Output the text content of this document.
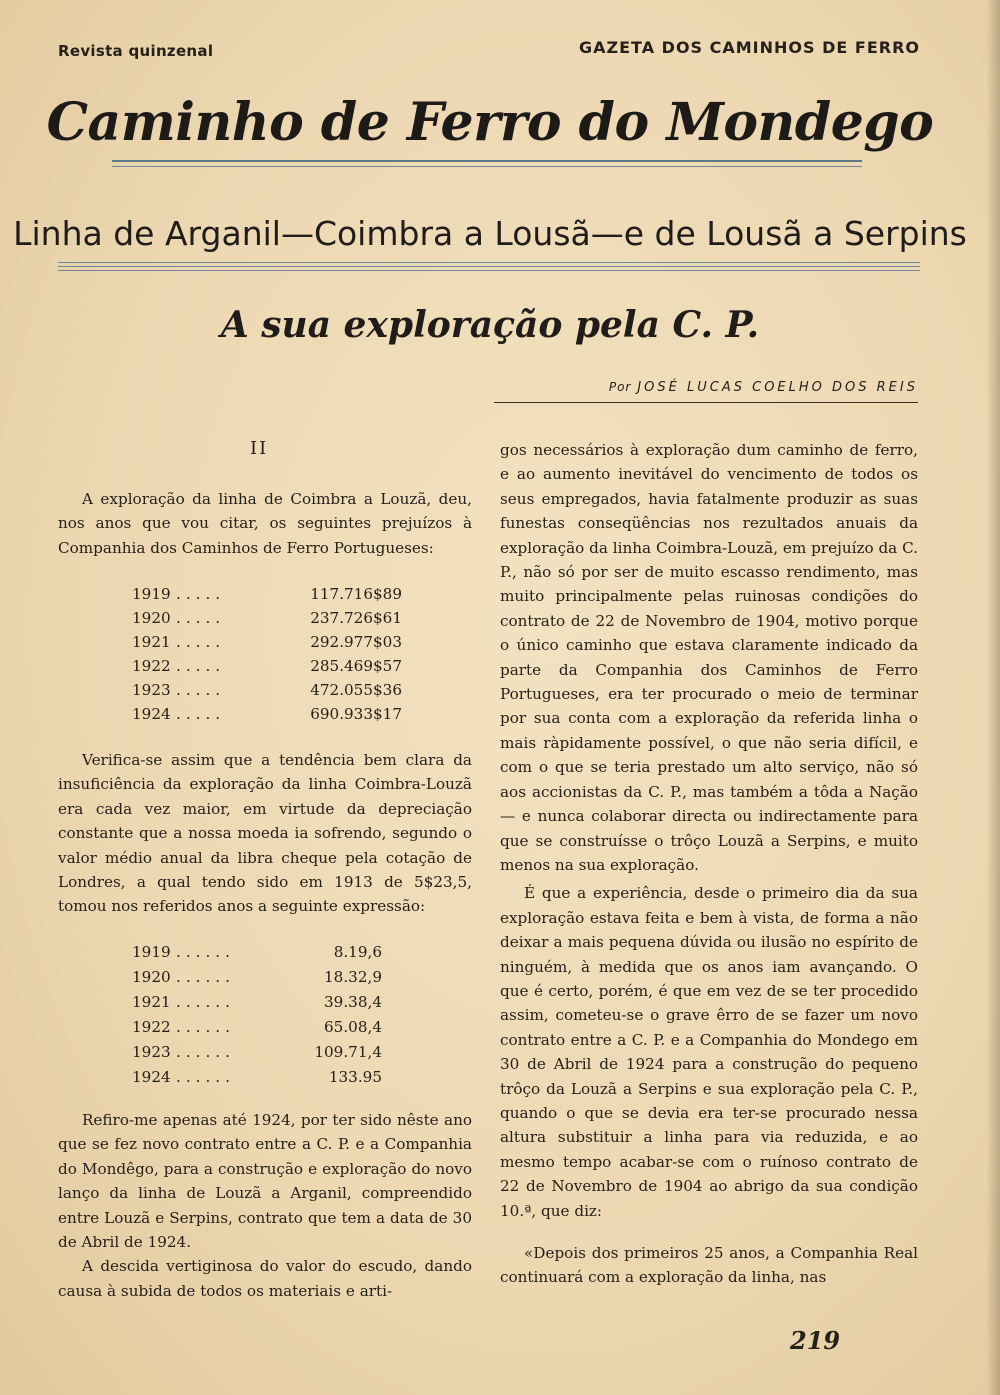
Revista quinzenal	GAZETA DOS CAMINHOS DE FERRO
Caminho de Ferro do Mondego
Linha de Arganil—Coimbra a Lousã—e de Lousã a Serpins
A sua exploração pela C. P.
Por JOSÉ LUCAS COELHO DOS REIS
II

A exploração da linha de Coimbra a Louzã, deu, nos anos que vou citar, os seguintes prejuízos à Companhia dos Caminhos de Ferro Portugueses:

1919 .....	117.716$89
1920 .....	237.726$61
1921 .....	292.977$03
1922 .....	285.469$57
1923 .....	472.055$36
1924 .....	690.933$17

Verifica-se assim que a tendência bem clara da insuficiência da exploração da linha Coimbra-Louzã era cada vez maior, em virtude da depreciação constante que a nossa moeda ia sofrendo, segundo o valor médio anual da libra cheque pela cotação de Londres, a qual tendo sido em 1913 de 5$23,5, tomou nos referidos anos a seguinte expressão:

1919 ......	8.19,6
1920 ......	18.32,9
1921 ......	39.38,4
1922 ......	65.08,4
1923 ......	109.71,4
1924 ......	133.95

Refiro-me apenas até 1924, por ter sido nêste ano que se fez novo contrato entre a C. P. e a Companhia do Mondêgo, para a construção e exploração do novo lanço da linha de Louzã a Arganil, compreendido entre Louzã e Serpins, contrato que tem a data de 30 de Abril de 1924.

A descida vertiginosa do valor do escudo, dando causa à subida de todos os materiais e arti-

gos necessários à exploração dum caminho de ferro, e ao aumento inevitável do vencimento de todos os seus empregados, havia fatalmente produzir as suas funestas conseqüências nos rezultados anuais da exploração da linha Coimbra-Louzã, em prejuízo da C. P., não só por ser de muito escasso rendimento, mas muito principalmente pelas ruinosas condições do contrato de 22 de Novembro de 1904, motivo porque o único caminho que estava claramente indicado da parte da Companhia dos Caminhos de Ferro Portugueses, era ter procurado o meio de terminar por sua conta com a exploração da referida linha o mais ràpidamente possível, o que não seria difícil, e com o que se teria prestado um alto serviço, não só aos accionistas da C. P., mas também a tôda a Nação — e nunca colaborar directa ou indirectamente para que se construísse o trôço Louzã a Serpins, e muito menos na sua exploração.

É que a experiência, desde o primeiro dia da sua exploração estava feita e bem à vista, de forma a não deixar a mais pequena dúvida ou ilusão no espírito de ninguém, à medida que os anos iam avançando. O que é certo, porém, é que em vez de se ter procedido assim, cometeu-se o grave êrro de se fazer um novo contrato entre a C. P. e a Companhia do Mondego em 30 de Abril de 1924 para a construção do pequeno trôço da Louzã a Serpins e sua exploração pela C. P., quando o que se devia era ter-se procurado nessa altura substituir a linha para via reduzida, e ao mesmo tempo acabar-se com o ruínoso contrato de 22 de Novembro de 1904 ao abrigo da sua condição 10.ª, que diz:

«Depois dos primeiros 25 anos, a Companhia Real continuará com a exploração da linha, nas

219
